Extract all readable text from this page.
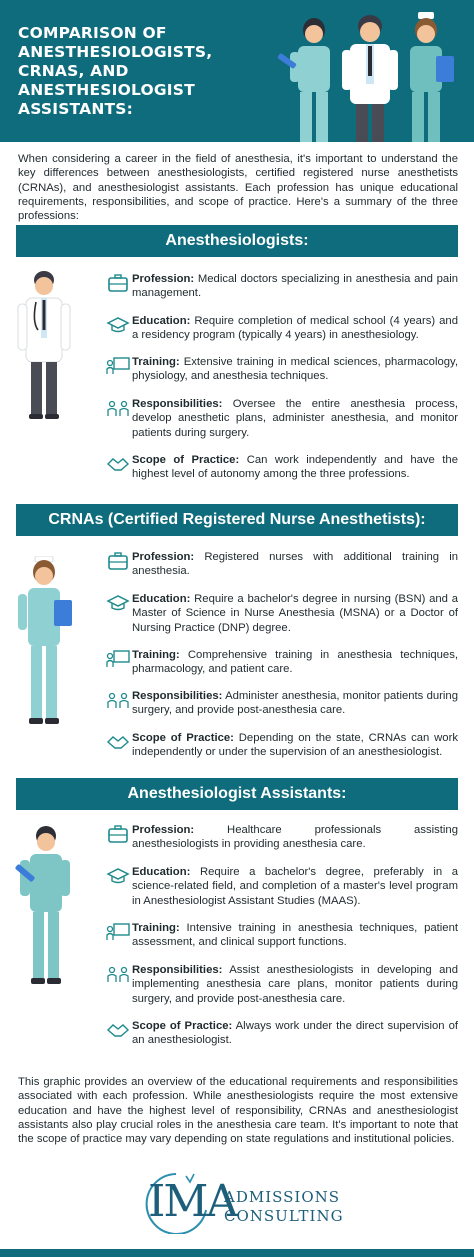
COMPARISON OF ANESTHESIOLOGISTS, CRNAS, AND ANESTHESIOLOGIST ASSISTANTS:

When considering a career in the field of anesthesia, it's important to understand the key differences between anesthesiologists, certified registered nurse anesthetists (CRNAs), and anesthesiologist assistants. Each profession has unique educational requirements, responsibilities, and scope of practice. Here's a summary of the three professions:

Anesthesiologists:

Profession: Medical doctors specializing in anesthesia and pain management.

Education: Require completion of medical school (4 years) and a residency program (typically 4 years) in anesthesiology.

Training: Extensive training in medical sciences, pharmacology, physiology, and anesthesia techniques.

Responsibilities: Oversee the entire anesthesia process, develop anesthetic plans, administer anesthesia, and monitor patients during surgery.

Scope of Practice: Can work independently and have the highest level of autonomy among the three professions.

CRNAs (Certified Registered Nurse Anesthetists):

Profession: Registered nurses with additional training in anesthesia.

Education: Require a bachelor's degree in nursing (BSN) and a Master of Science in Nurse Anesthesia (MSNA) or a Doctor of Nursing Practice (DNP) degree.

Training: Comprehensive training in anesthesia techniques, pharmacology, and patient care.

Responsibilities: Administer anesthesia, monitor patients during surgery, and provide post-anesthesia care.

Scope of Practice: Depending on the state, CRNAs can work independently or under the supervision of an anesthesiologist.

Anesthesiologist Assistants:

Profession: Healthcare professionals assisting anesthesiologists in providing anesthesia care.

Education: Require a bachelor's degree, preferably in a science-related field, and completion of a master's level program in Anesthesiologist Assistant Studies (MAAS).

Training: Intensive training in anesthesia techniques, patient assessment, and clinical support functions.

Responsibilities: Assist anesthesiologists in developing and implementing anesthesia care plans, monitor patients during surgery, and provide post-anesthesia care.

Scope of Practice: Always work under the direct supervision of an anesthesiologist.

This graphic provides an overview of the educational requirements and responsibilities associated with each profession. While anesthesiologists require the most extensive education and have the highest level of responsibility, CRNAs and anesthesiologist assistants also play crucial roles in the anesthesia care team. It's important to note that the scope of practice may vary depending on state regulations and institutional policies.

IMA
ADMISSIONS
CONSULTING
